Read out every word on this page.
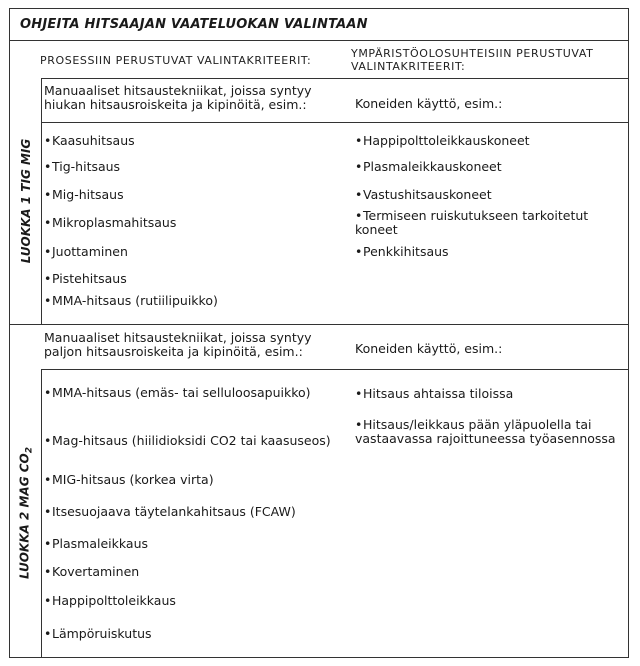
OHJEITA HITSAAJAN VAATELUOKAN VALINTAAN
PROSESSIIN PERUSTUVAT VALINTAKRITEERIT:
YMPÄRISTÖOLOSUHTEISIIN PERUSTUVAT VALINTAKRITEERIT:
LUOKKA 1 TIG MIG
Manuaaliset hitsaustekniikat, joissa syntyy hiukan hitsausroiskeita ja kipinöitä, esim.:	Koneiden käyttö, esim.:
•Kaasuhitsaus
•Tig-hitsaus
•Mig-hitsaus
•Mikroplasmahitsaus
•Juottaminen
•Pistehitsaus
•MMA-hitsaus (rutiilipuikko)
•Happipolttoleikkauskoneet
•Plasmaleikkauskoneet
•Vastushitsauskoneet
•Termiseen ruiskutukseen tarkoitetut koneet
•Penkkihitsaus
Manuaaliset hitsaustekniikat, joissa syntyy paljon hitsausroiskeita ja kipinöitä, esim.:	Koneiden käyttö, esim.:
LUOKKA 2 MAG $CO_2$
•MMA-hitsaus (emäs- tai selluloosapuikko)
•Mag-hitsaus (hiilidioksidi CO2 tai kaasuseos)
•MIG-hitsaus (korkea virta)
•Itsesuojaava täytelankahitsaus (FCAW)
•Plasmaleikkaus
•Kovertaminen
•Happipolttoleikkaus
•Lämpöruiskutus
•Hitsaus ahtaissa tiloissa
•Hitsaus/leikkaus pään yläpuolella tai vastaavassa rajoittuneessa työasennossa
